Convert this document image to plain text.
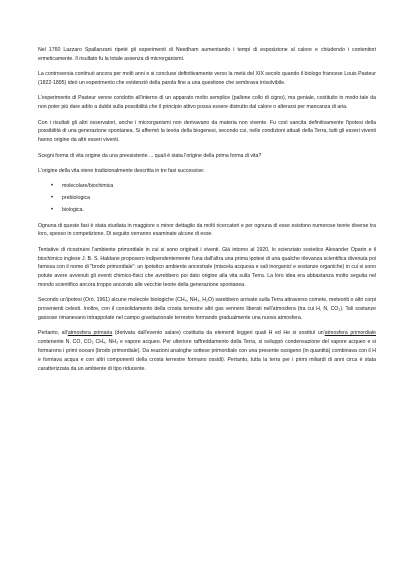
Nel 1760 Lazzaro Spallanzani ripeté gli esperimenti di Needham aumentando i tempi di esposizione al calore e chiudendo i contenitori ermeticamente. Il risultato fu la totale assenza di microrganismi.

La controversia continuò ancora per molti anni e si concluse definitivamente verso la metà del XIX secolo quando il biologo francese Louis Pasteur (1822-1895) ideò un esperimento che evidenziò della parola fine a una questione che sembrava irrisolvibile.

L'esperimento di Pasteur venne condotto all'interno di un apparato molto semplice (pallone collo di cigno), ma geniale, costituito in modo tale da non poter più dare adito a dubbi sulla possibilità che il principio attivo possa essere distrutto dal calore o alterarsi per mancanza di aria.

Con i risultati gli altri osservatori, anche i microrganismi non derivavano da materia non vivente. Fu così sancita definitivamente l'ipotesi della possibilità di una generazione spontanea. Si affermò la teoria della biogenesi, secondo cui, nelle condizioni attuali della Terra, tutti gli esseri viventi hanno origine da altri esseri viventi.

Scegni forma di vita origine da una preesistente ... quali è stata l'origine della prima forma di vita?

L'origine della vita viene tradizionalmente descritta in tre fasi successive:

• molecolare/biochimica
• prebiologica
• biologica.

Ognuna di queste fasi è stata studiata in maggiore o minor dettaglio da molti ricercatori e per ognuna di esse esistono numerose teorie diverse tra loro, spesso in competizione. Di seguito verranno esaminate alcune di esse.

Tentative di ricostruire l'ambiente primordiale in cui si sono originati i viventi. Già intorno al 1920, lo scienziato sovietico Alexander Oparin e il biochimico inglese J. B. S. Haldane proposero indipendentemente l'una dall'altra una prima ipotesi di una qualche rilevanza scientifica divenuta poi famosa con il nome di "brodo primordiale": un ipotetico ambiente ancestrale (miscela acquosa e sali inorganici e sostanze organiche) in cui si sono potute avere avvenuti gli eventi chimico-fisici che avrebbero poi dato origine alla vita sulla Terra. La loro idea era abbastanza molto seguita nel mondo scientifico ancora troppo ancorato alle vecchie teorie della generazione spontanea.

Secondo un'ipotesi (Oró, 1961) alcune molecole biologiche (CH₄, NH₃, H₂O) sarebbero arrivate sulla Terra attraverso comete, meteoriti o altri corpi provenienti celesti. Inoltre, con il consolidamento della crosta terrestre altri gas vennero liberati nell'atmosfera (tra cui H, N, CO₂). Tali sostanze gassose rimanevano intrappolate nel campo gravitazionale terrestre formando gradualmente una nuova atmosfera.

Pertanto, all'atmosfera primaria (derivata dall'evento salare) costituita da elementi leggeri quali H ed He si sostituì un'atmosfera primordiale contenente N, CO, CO₂ CH₄, NH₃ e vapore acqueo. Per ulteriore raffreddamento della Terra, si sviluppò condensazione del vapore acqueo e si formarono i primi oceani (brodo primordiale). Da reazioni analoghe sottese primordiale con una presente ossigeno (in quantità) combinava con il H e formava acqua e con altri componenti della crosta terrestre formano ossidi). Pertanto, tutta la terra per i primi miliardi di anni circa è stata caratterizzata da un ambiente di tipo riducente.
